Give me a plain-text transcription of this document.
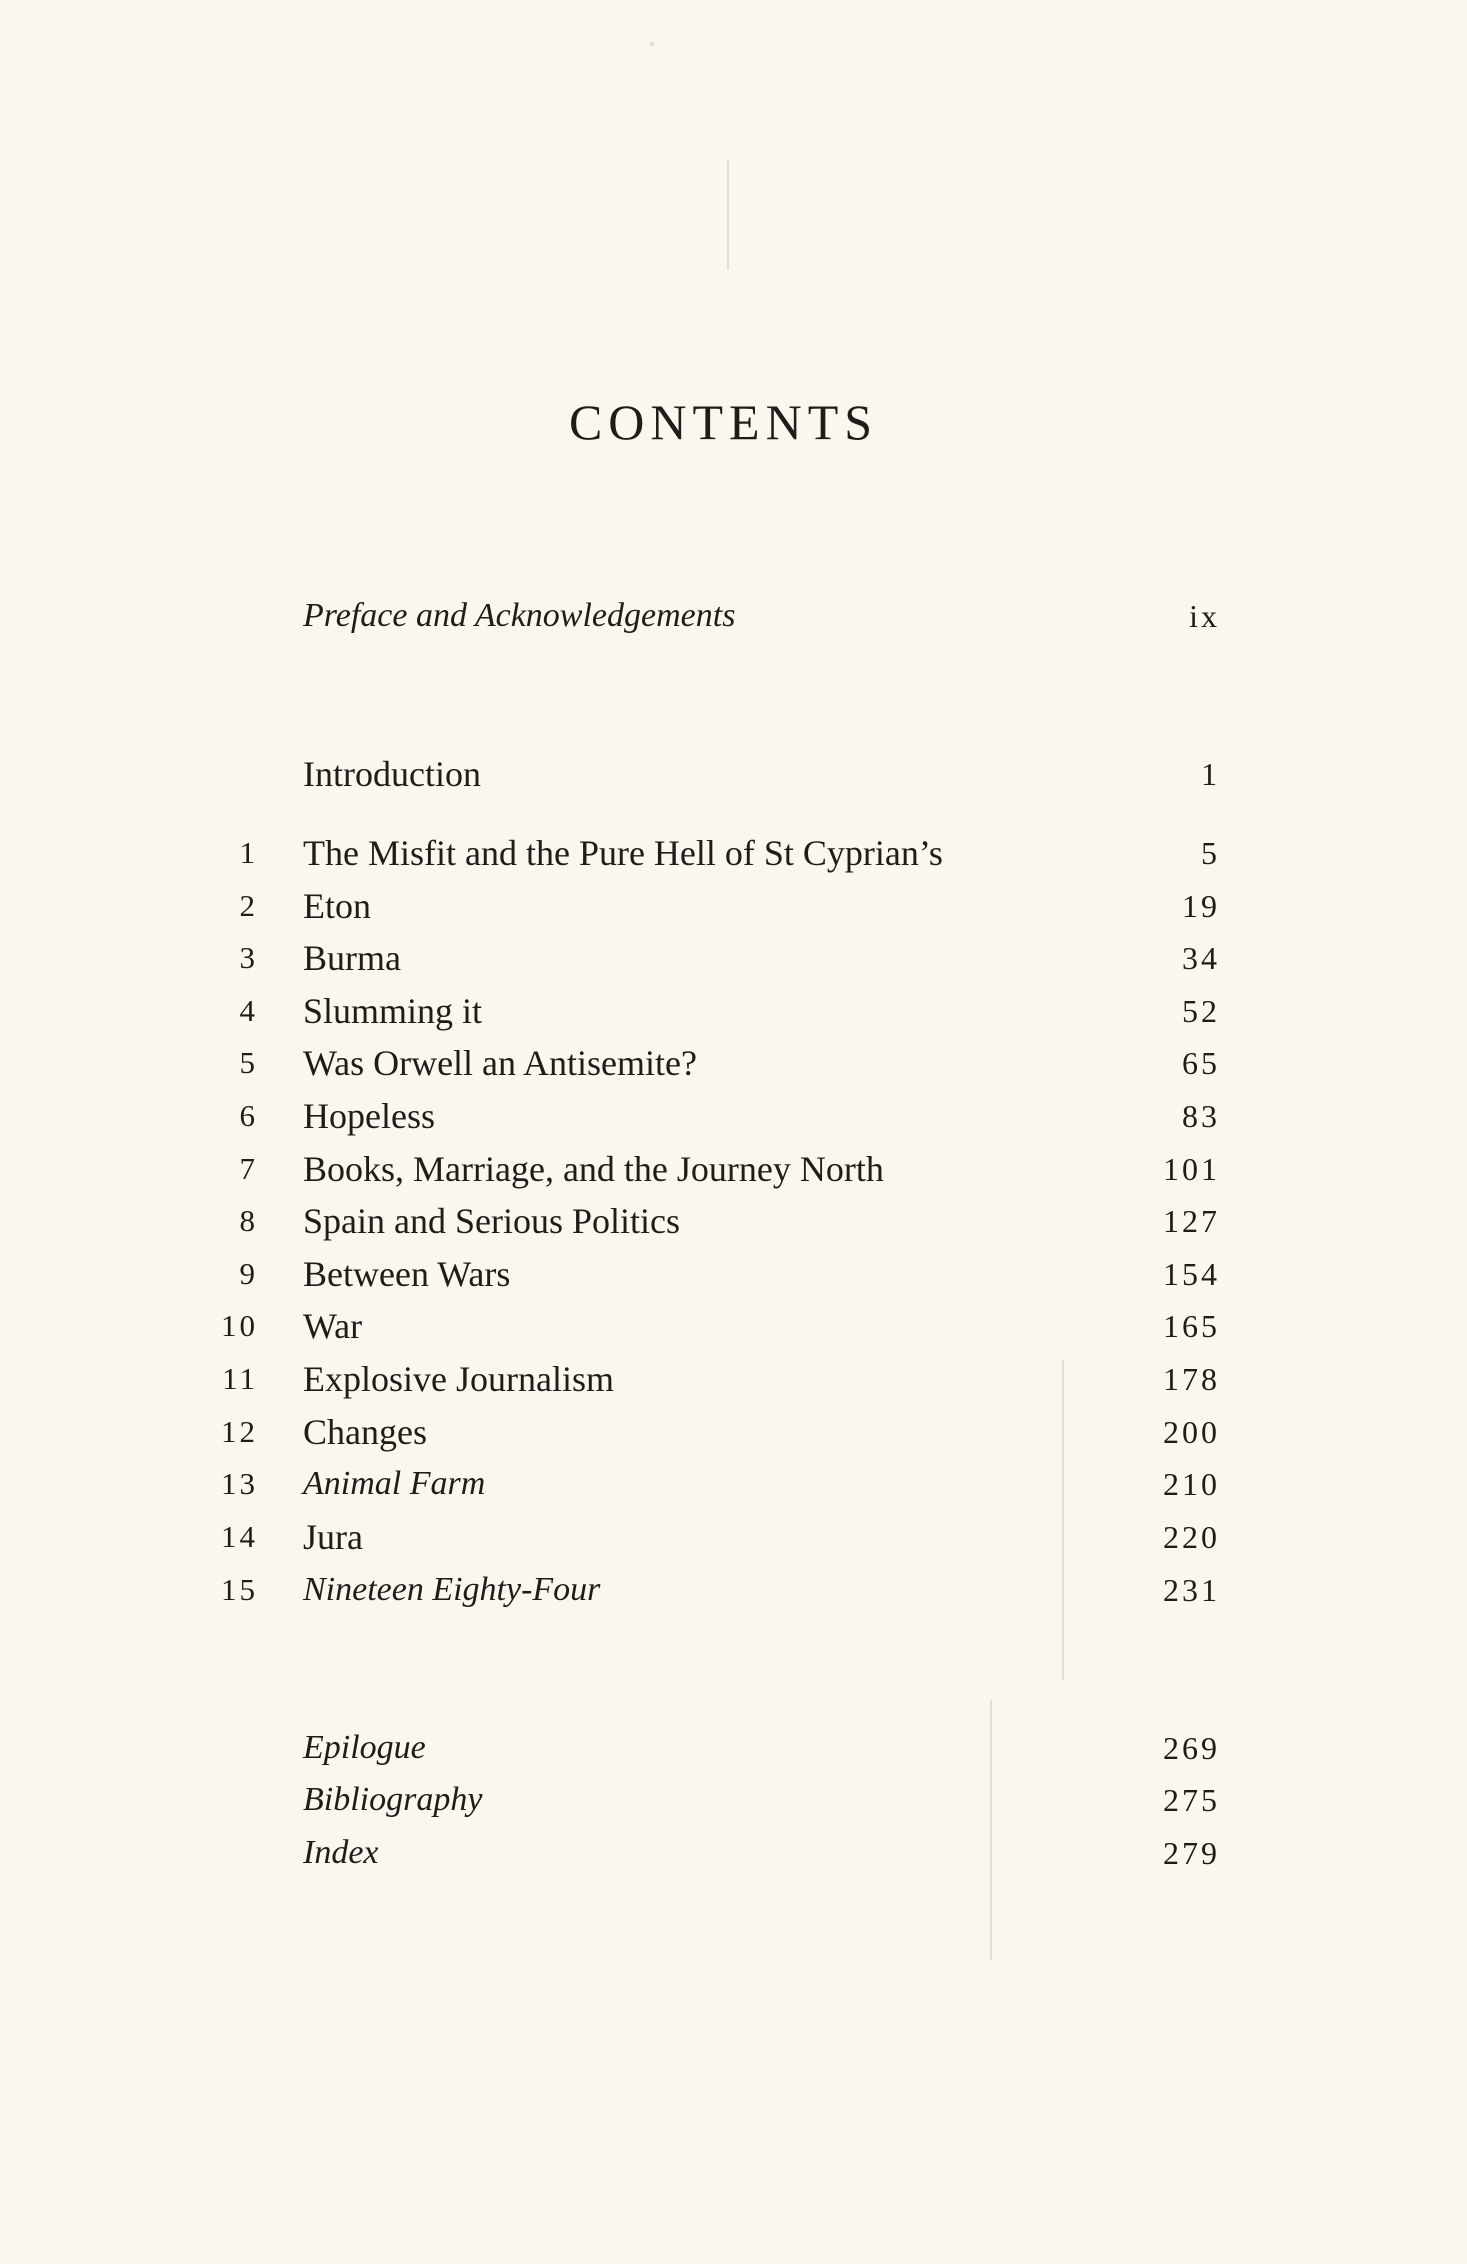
CONTENTS
Preface and Acknowledgements	ix
Introduction	1
1 The Misfit and the Pure Hell of St Cyprian’s	5
2 Eton	19
3 Burma	34
4 Slumming it	52
5 Was Orwell an Antisemite?	65
6 Hopeless	83
7 Books, Marriage, and the Journey North	101
8 Spain and Serious Politics	127
9 Between Wars	154
10 War	165
11 Explosive Journalism	178
12 Changes	200
13 Animal Farm	210
14 Jura	220
15 Nineteen Eighty-Four	231
Epilogue	269
Bibliography	275
Index	279
